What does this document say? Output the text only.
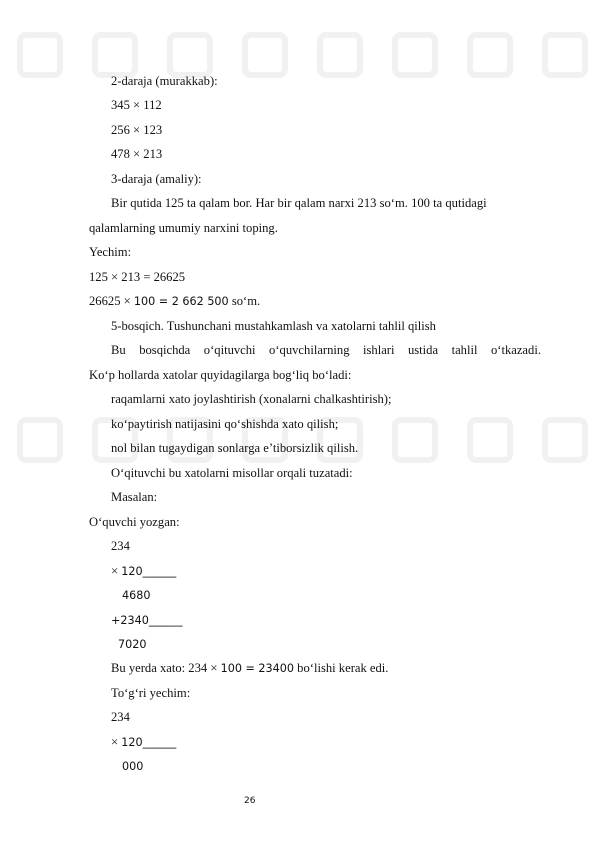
2-daraja (murakkab):
345 × 112
256 × 123
478 × 213
3-daraja (amaliy):
Bir qutida 125 ta qalam bor. Har bir qalam narxi 213 so‘m. 100 ta qutidagi
qalamlarning umumiy narxini toping.
Yechim:
125 × 213 = 26625
26625 × 100 = 2 662 500 so‘m.
5-bosqich. Tushunchani mustahkamlash va xatolarni tahlil qilish
Bu bosqichda o‘qituvchi o‘quvchilarning ishlari ustida tahlil o‘tkazadi.
Ko‘p hollarda xatolar quyidagilarga bog‘liq bo‘ladi:
raqamlarni xato joylashtirish (xonalarni chalkashtirish);
ko‘paytirish natijasini qo‘shishda xato qilish;
nol bilan tugaydigan sonlarga e’tiborsizlik qilish.
O‘qituvchi bu xatolarni misollar orqali tuzatadi:
Masalan:
O‘quvchi yozgan:
234
× 120______
4680
+2340______
7020
Bu yerda xato: 234 × 100 = 23400 bo‘lishi kerak edi.
To‘g‘ri yechim:
234
× 120______
000
26
